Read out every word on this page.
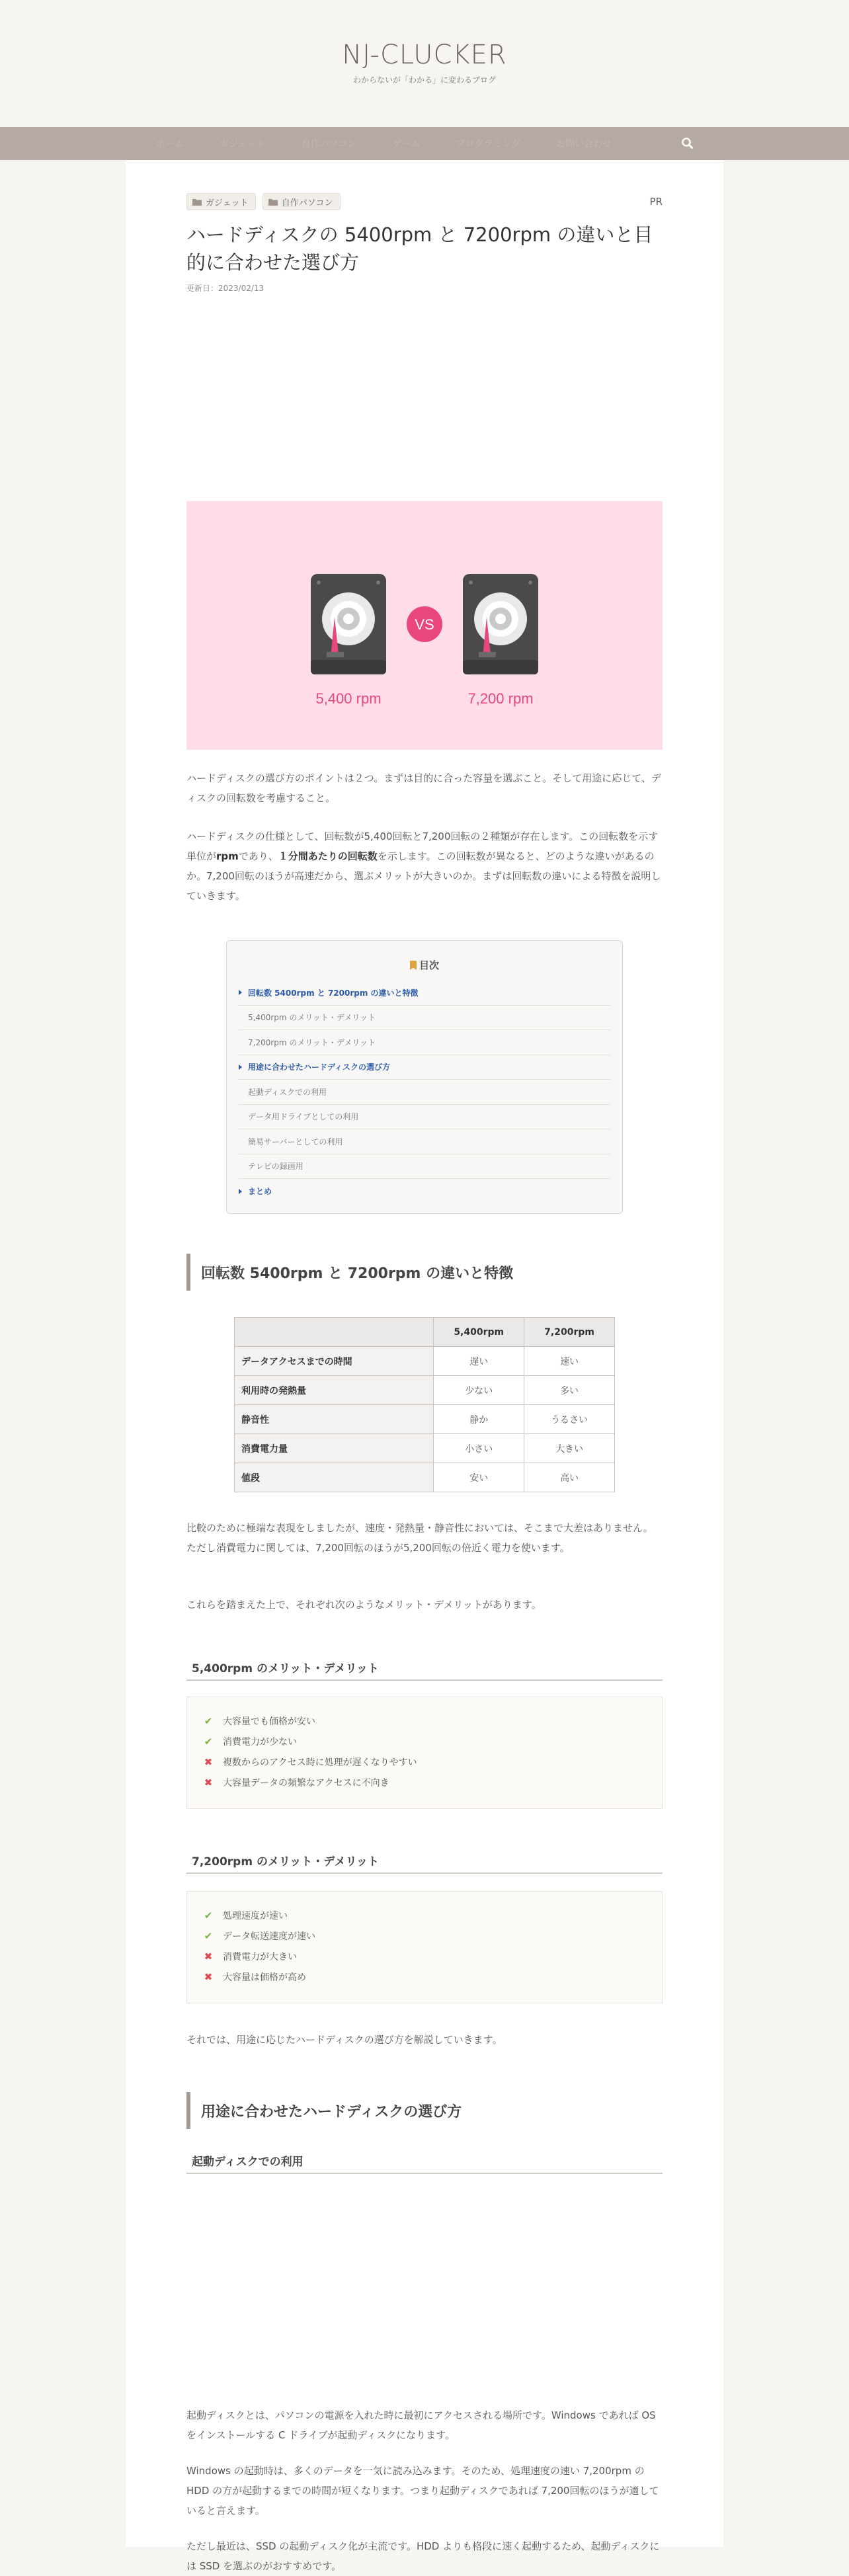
NJ-CLUCKER
わからないが「わかる」に変わるブログ
ホーム	ガジェット	自作パソコン	ゲーム	プログラミング	お問い合わせ
ガジェット	自作パソコン	PR
ハードディスクの 5400rpm と 7200rpm の違いと目的に合わせた選び方
更新日：2023/02/13
5,400 rpm
VS
7,200 rpm

ハードディスクの選び方のポイントは２つ。まずは目的に合った容量を選ぶこと。そして用途に応じて、ディスクの回転数を考慮すること。

ハードディスクの仕様として、回転数が5,400回転と7,200回転の２種類が存在します。この回転数を示す単位がrpmであり、１分間あたりの回転数を示します。この回転数が異なると、どのような違いがあるのか。7,200回転のほうが高速だから、選ぶメリットが大きいのか。まずは回転数の違いによる特徴を説明していきます。

目次
回転数 5400rpm と 7200rpm の違いと特徴
5,400rpm のメリット・デメリット
7,200rpm のメリット・デメリット
用途に合わせたハードディスクの選び方
起動ディスクでの利用
データ用ドライブとしての利用
簡易サーバーとしての利用
テレビの録画用
まとめ
回転数 5400rpm と 7200rpm の違いと特徴
	5,400rpm	7,200rpm
データアクセスまでの時間	遅い	速い
利用時の発熱量	少ない	多い
静音性	静か	うるさい
消費電力量	小さい	大きい
値段	安い	高い

比較のために極端な表現をしましたが、速度・発熱量・静音性においては、そこまで大差はありません。ただし消費電力に関しては、7,200回転のほうが5,200回転の倍近く電力を使います。

これらを踏まえた上で、それぞれ次のようなメリット・デメリットがあります。

5,400rpm のメリット・デメリット
✔ 大容量でも価格が安い
✔ 消費電力が少ない
✖ 複数からのアクセス時に処理が遅くなりやすい
✖ 大容量データの頻繁なアクセスに不向き
7,200rpm のメリット・デメリット
✔ 処理速度が速い
✔ データ転送速度が速い
✖ 消費電力が大きい
✖ 大容量は価格が高め

それでは、用途に応じたハードディスクの選び方を解説していきます。

用途に合わせたハードディスクの選び方
起動ディスクでの利用

起動ディスクとは、パソコンの電源を入れた時に最初にアクセスされる場所です。Windows であれば OS をインストールする C ドライブが起動ディスクになります。

Windows の起動時は、多くのデータを一気に読み込みます。そのため、処理速度の速い 7,200rpm の HDD の方が起動するまでの時間が短くなります。つまり起動ディスクであれば 7,200回転のほうが適していると言えます。

ただし最近は、SSD の起動ディスク化が主流です。HDD よりも格段に速く起動するため、起動ディスクには SSD を選ぶのがおすすめです。
